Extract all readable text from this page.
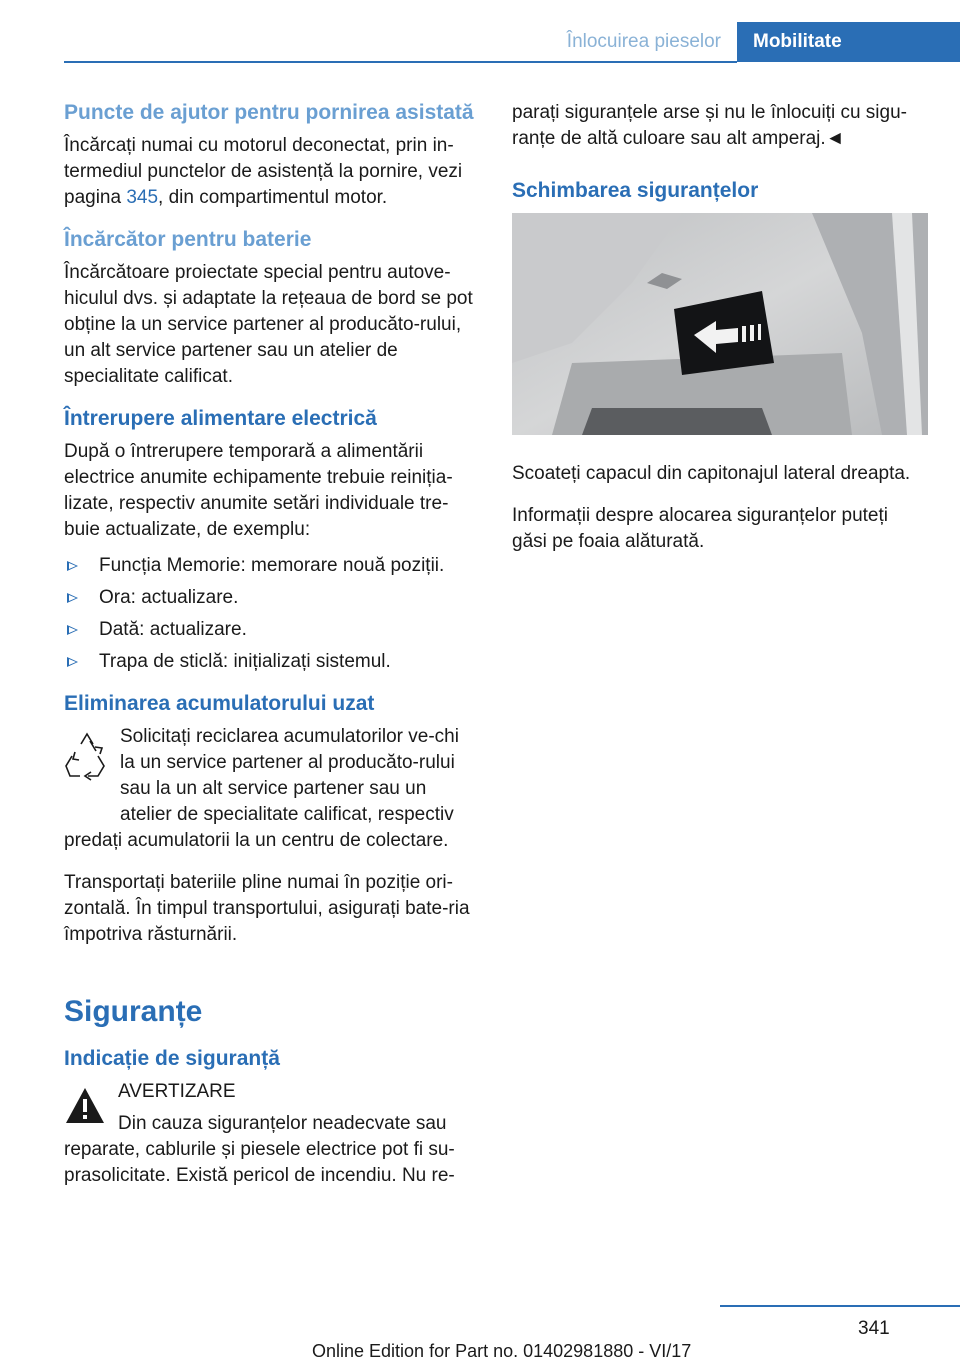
Înlocuirea pieselor	Mobilitate
Puncte de ajutor pentru pornirea asistată
Încărcați numai cu motorul deconectat, prin in‐termediul punctelor de asistență la pornire, vezi pagina 345, din compartimentul motor.
Încărcător pentru baterie
Încărcătoare proiectate special pentru autove‐hiculul dvs. și adaptate la rețeaua de bord se pot obține la un service partener al producăto‐rului, un alt service partener sau un atelier de specialitate calificat.
Întrerupere alimentare electrică
După o întrerupere temporară a alimentării electrice anumite echipamente trebuie reiniția‐lizate, respectiv anumite setări individuale tre‐buie actualizate, de exemplu:
Funcția Memorie: memorare nouă poziții.
Ora: actualizare.
Dată: actualizare.
Trapa de sticlă: inițializați sistemul.
Eliminarea acumulatorului uzat
Solicitați reciclarea acumulatorilor ve‐chi la un service partener al producăto‐rului sau la un alt service partener sau un atelier de specialitate calificat, respectiv predați acumulatorii la un centru de colectare.
Transportați bateriile pline numai în poziție ori‐zontală. În timpul transportului, asigurați bate‐ria împotriva răsturnării.
Siguranțe
Indicație de siguranță
AVERTIZARE
Din cauza siguranțelor neadecvate sau reparate, cablurile și piesele electrice pot fi su‐prasolicitate. Există pericol de incendiu. Nu re‐
parați siguranțele arse și nu le înlocuiți cu sigu‐ranțe de altă culoare sau alt amperaj.◄
Schimbarea siguranțelor
Scoateți capacul din capitonajul lateral dreapta.
Informații despre alocarea siguranțelor puteți găsi pe foaia alăturată.
341
Online Edition for Part no. 01402981880 - VI/17
